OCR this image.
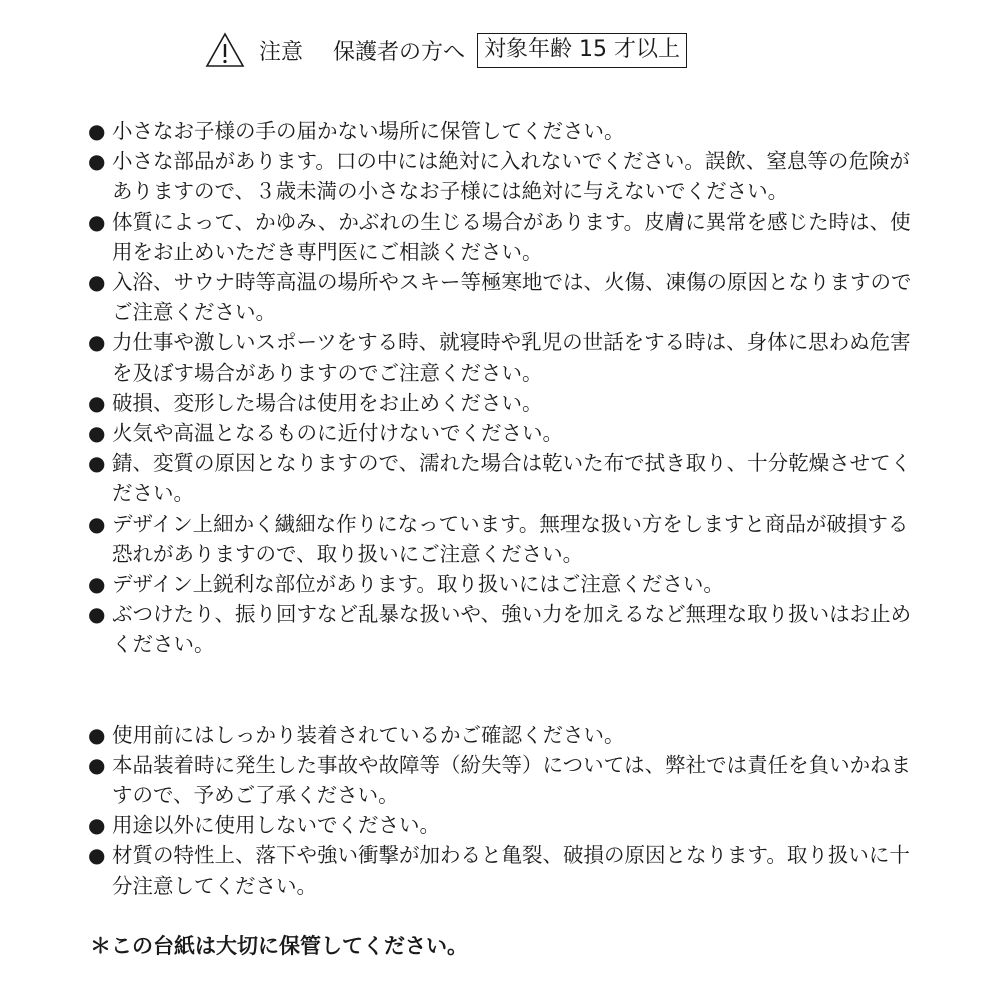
注意 保護者の方へ 対象年齢 15 才以上
● 小さなお子様の手の届かない場所に保管してください。
● 小さな部品があります。口の中には絶対に入れないでください。誤飲、窒息等の危険がありますので、３歳未満の小さなお子様には絶対に与えないでください。
● 体質によって、かゆみ、かぶれの生じる場合があります。皮膚に異常を感じた時は、使用をお止めいただき専門医にご相談ください。
● 入浴、サウナ時等高温の場所やスキー等極寒地では、火傷、凍傷の原因となりますのでご注意ください。
● 力仕事や激しいスポーツをする時、就寝時や乳児の世話をする時は、身体に思わぬ危害を及ぼす場合がありますのでご注意ください。
● 破損、変形した場合は使用をお止めください。
● 火気や高温となるものに近付けないでください。
● 錆、変質の原因となりますので、濡れた場合は乾いた布で拭き取り、十分乾燥させてください。
● デザイン上細かく繊細な作りになっています。無理な扱い方をしますと商品が破損する恐れがありますので、取り扱いにご注意ください。
● デザイン上鋭利な部位があります。取り扱いにはご注意ください。
● ぶつけたり、振り回すなど乱暴な扱いや、強い力を加えるなど無理な取り扱いはお止めください。
● 使用前にはしっかり装着されているかご確認ください。
● 本品装着時に発生した事故や故障等（紛失等）については、弊社では責任を負いかねますので、予めご了承ください。
● 用途以外に使用しないでください。
● 材質の特性上、落下や強い衝撃が加わると亀裂、破損の原因となります。取り扱いに十分注意してください。
＊この台紙は大切に保管してください。
